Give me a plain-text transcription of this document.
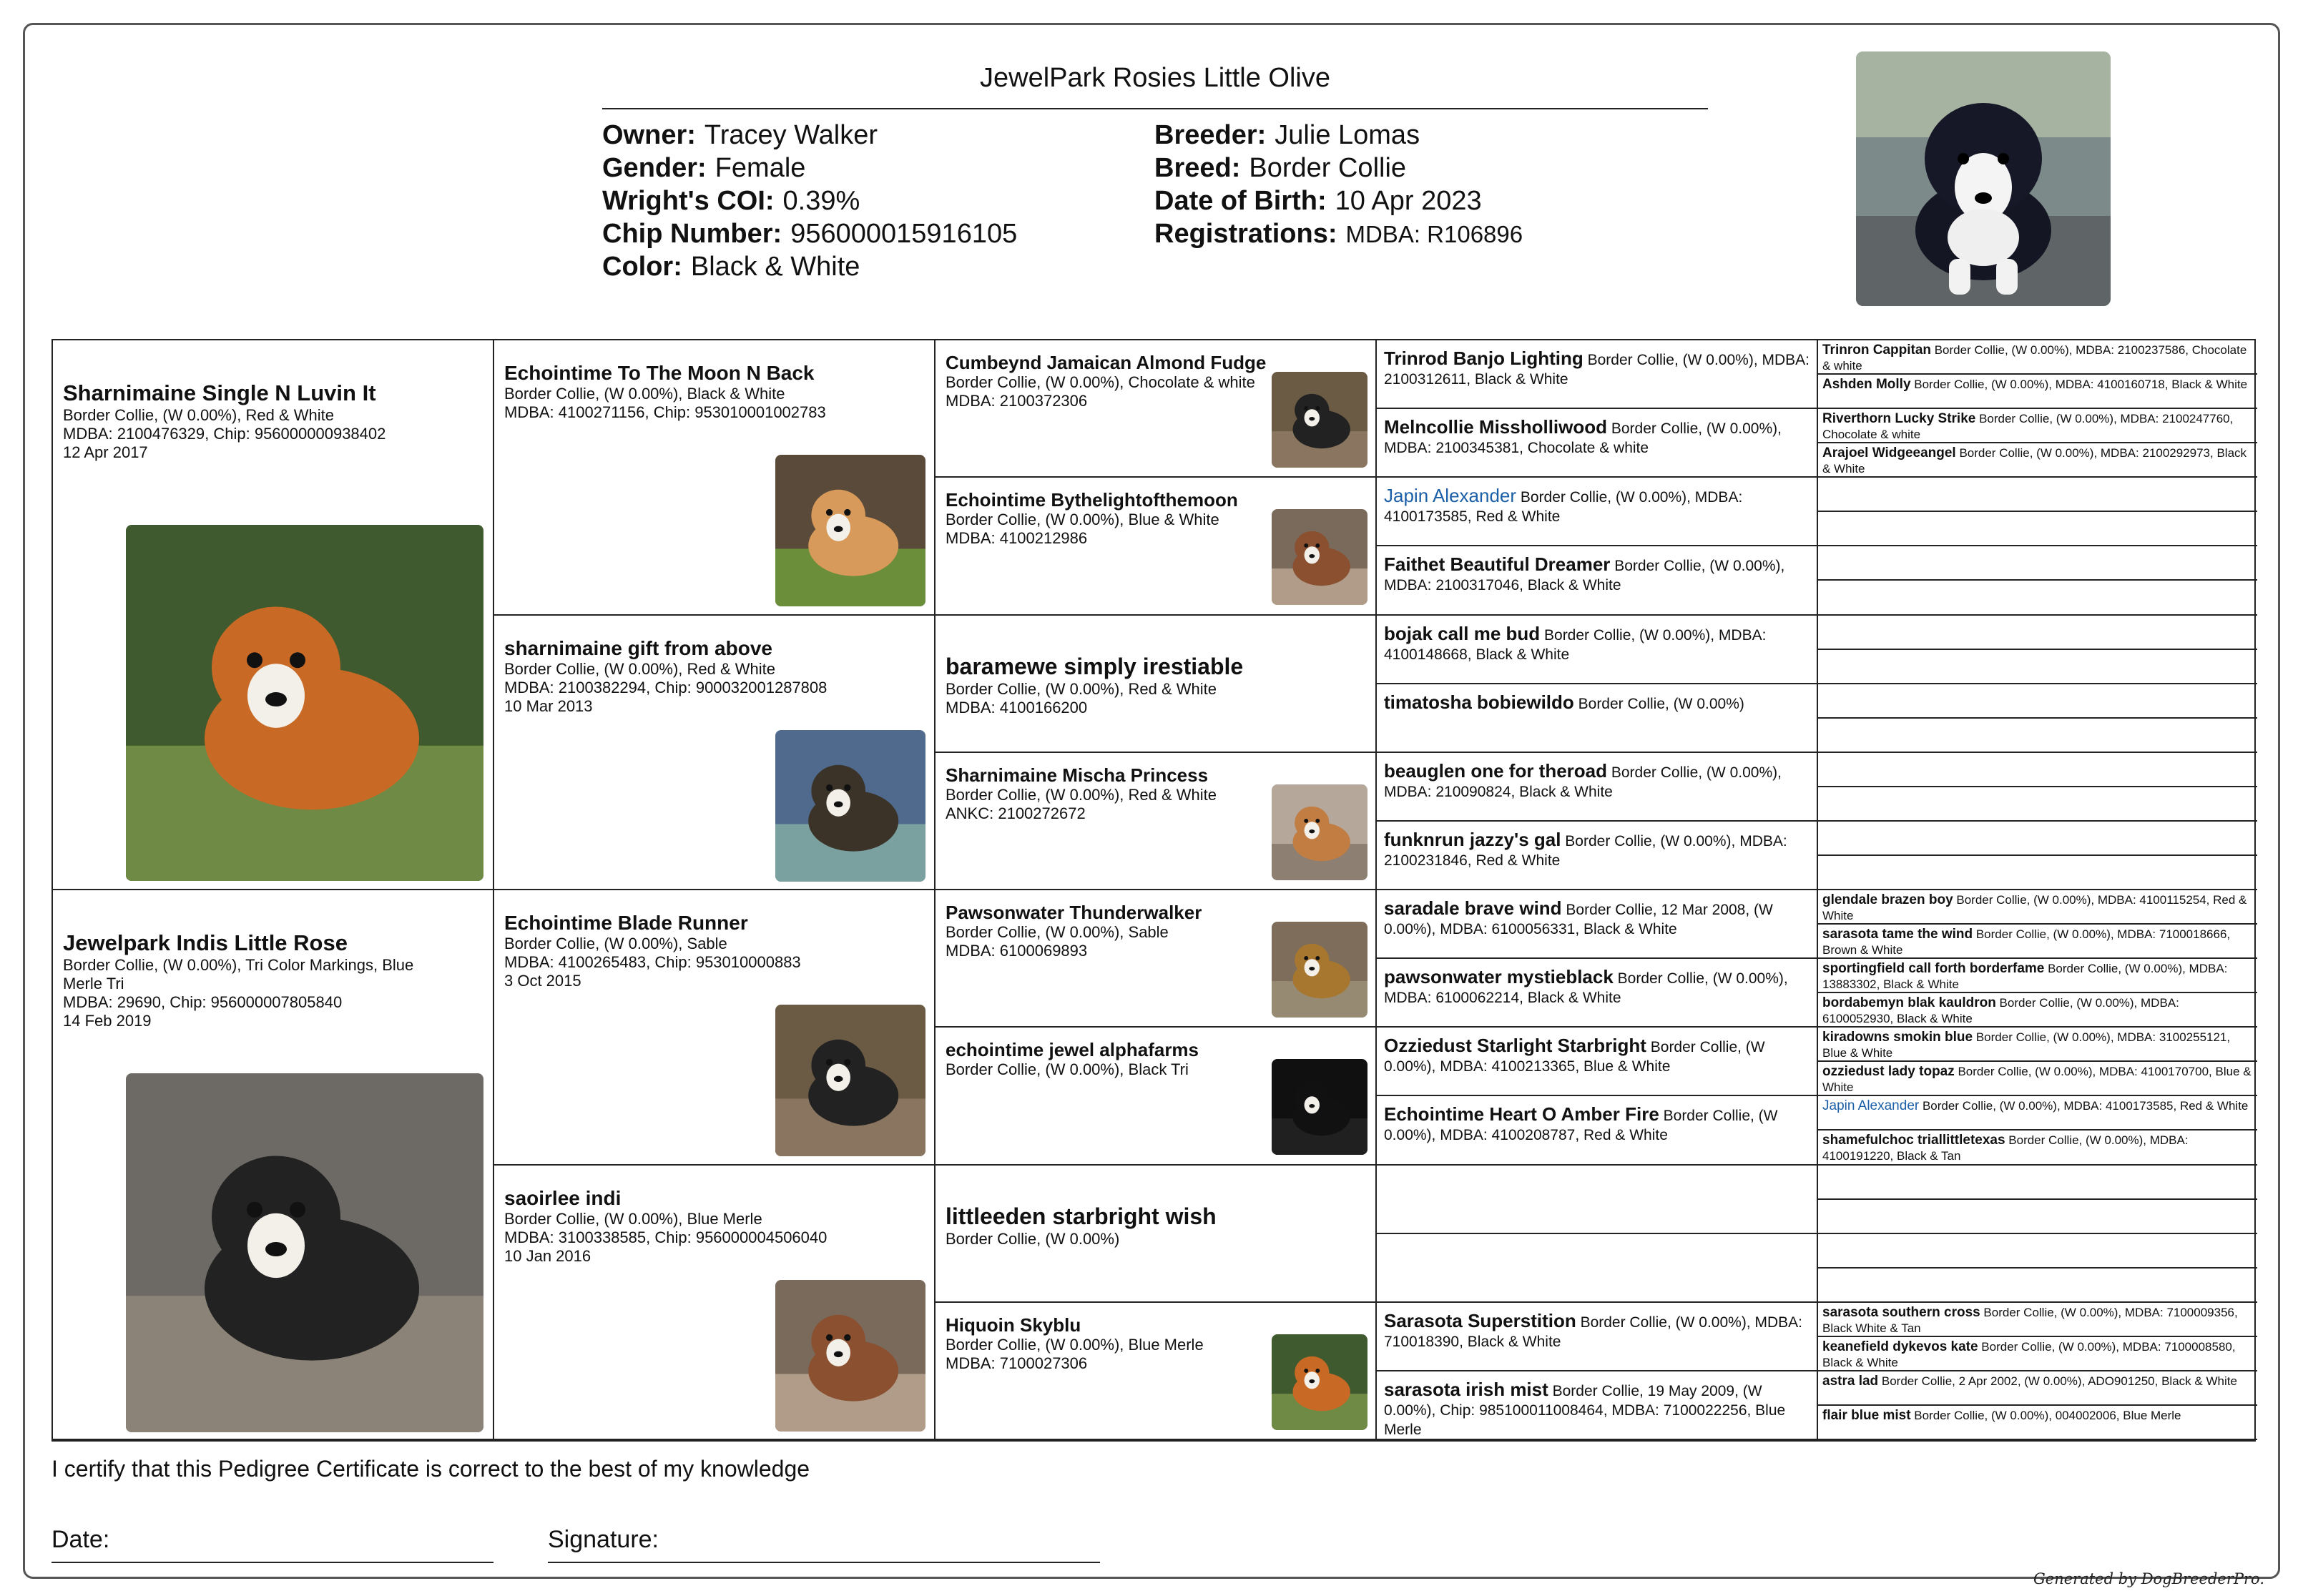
JewelPark Rosies Little Olive
Owner: Tracey Walker
Gender: Female
Wright's COI: 0.39%
Chip Number: 956000015916105
Color: Black & White
Breeder: Julie Lomas
Breed: Border Collie
Date of Birth: 10 Apr 2023
Registrations: MDBA: R106896
Sharnimaine Single N Luvin It
Border Collie, (W 0.00%), Red & White
MDBA: 2100476329, Chip: 956000000938402
12 Apr 2017
Jewelpark Indis Little Rose
Border Collie, (W 0.00%), Tri Color Markings, Blue
Merle Tri
MDBA: 29690, Chip: 956000007805840
14 Feb 2019
Echointime To The Moon N Back
Border Collie, (W 0.00%), Black & White
MDBA: 4100271156, Chip: 953010001002783
sharnimaine gift from above
Border Collie, (W 0.00%), Red & White
MDBA: 2100382294, Chip: 900032001287808
10 Mar 2013
Echointime Blade Runner
Border Collie, (W 0.00%), Sable
MDBA: 4100265483, Chip: 953010000883
3 Oct 2015
saoirlee indi
Border Collie, (W 0.00%), Blue Merle
MDBA: 3100338585, Chip: 956000004506040
10 Jan 2016
Cumbeynd Jamaican Almond Fudge
Border Collie, (W 0.00%), Chocolate & white
MDBA: 2100372306
Echointime Bythelightofthemoon
Border Collie, (W 0.00%), Blue & White
MDBA: 4100212986
baramewe simply irestiable
Border Collie, (W 0.00%), Red & White
MDBA: 4100166200
Sharnimaine Mischa Princess
Border Collie, (W 0.00%), Red & White
ANKC: 2100272672
Pawsonwater Thunderwalker
Border Collie, (W 0.00%), Sable
MDBA: 6100069893
echointime jewel alphafarms
Border Collie, (W 0.00%), Black Tri
littleeden starbright wish
Border Collie, (W 0.00%)
Hiquoin Skyblu
Border Collie, (W 0.00%), Blue Merle
MDBA: 7100027306
Trinrod Banjo Lighting Border Collie, (W 0.00%), MDBA: 2100312611, Black & White
Melncollie Missholliwood Border Collie, (W 0.00%), MDBA: 2100345381, Chocolate & white
Japin Alexander Border Collie, (W 0.00%), MDBA: 4100173585, Red & White
Faithet Beautiful Dreamer Border Collie, (W 0.00%), MDBA: 2100317046, Black & White
bojak call me bud Border Collie, (W 0.00%), MDBA: 4100148668, Black & White
timatosha bobiewildo Border Collie, (W 0.00%)
beauglen one for theroad Border Collie, (W 0.00%), MDBA: 210090824, Black & White
funknrun jazzy's gal Border Collie, (W 0.00%), MDBA: 2100231846, Red & White
saradale brave wind Border Collie, 12 Mar 2008, (W 0.00%), MDBA: 6100056331, Black & White
pawsonwater mystieblack Border Collie, (W 0.00%), MDBA: 6100062214, Black & White
Ozziedust Starlight Starbright Border Collie, (W 0.00%), MDBA: 4100213365, Blue & White
Echointime Heart O Amber Fire Border Collie, (W 0.00%), MDBA: 4100208787, Red & White
Sarasota Superstition Border Collie, (W 0.00%), MDBA: 710018390, Black & White
sarasota irish mist Border Collie, 19 May 2009, (W 0.00%), Chip: 985100011008464, MDBA: 7100022256, Blue Merle
Trinron Cappitan Border Collie, (W 0.00%), MDBA: 2100237586, Chocolate & white
Ashden Molly Border Collie, (W 0.00%), MDBA: 4100160718, Black & White
Riverthorn Lucky Strike Border Collie, (W 0.00%), MDBA: 2100247760, Chocolate & white
Arajoel Widgeeangel Border Collie, (W 0.00%), MDBA: 2100292973, Black & White
glendale brazen boy Border Collie, (W 0.00%), MDBA: 4100115254, Red & White
sarasota tame the wind Border Collie, (W 0.00%), MDBA: 7100018666, Brown & White
sportingfield call forth borderfame Border Collie, (W 0.00%), MDBA: 13883302, Black & White
bordabemyn blak kauldron Border Collie, (W 0.00%), MDBA: 6100052930, Black & White
kiradowns smokin blue Border Collie, (W 0.00%), MDBA: 3100255121, Blue & White
ozziedust lady topaz Border Collie, (W 0.00%), MDBA: 4100170700, Blue & White
Japin Alexander Border Collie, (W 0.00%), MDBA: 4100173585, Red & White
shamefulchoc triallittletexas Border Collie, (W 0.00%), MDBA: 4100191220, Black & Tan
sarasota southern cross Border Collie, (W 0.00%), MDBA: 7100009356, Black White & Tan
keanefield dykevos kate Border Collie, (W 0.00%), MDBA: 7100008580, Black & White
astra lad Border Collie, 2 Apr 2002, (W 0.00%), ADO901250, Black & White
flair blue mist Border Collie, (W 0.00%), 004002006, Blue Merle
I certify that this Pedigree Certificate is correct to the best of my knowledge
Date:	Signature:
Generated by DogBreederPro.
